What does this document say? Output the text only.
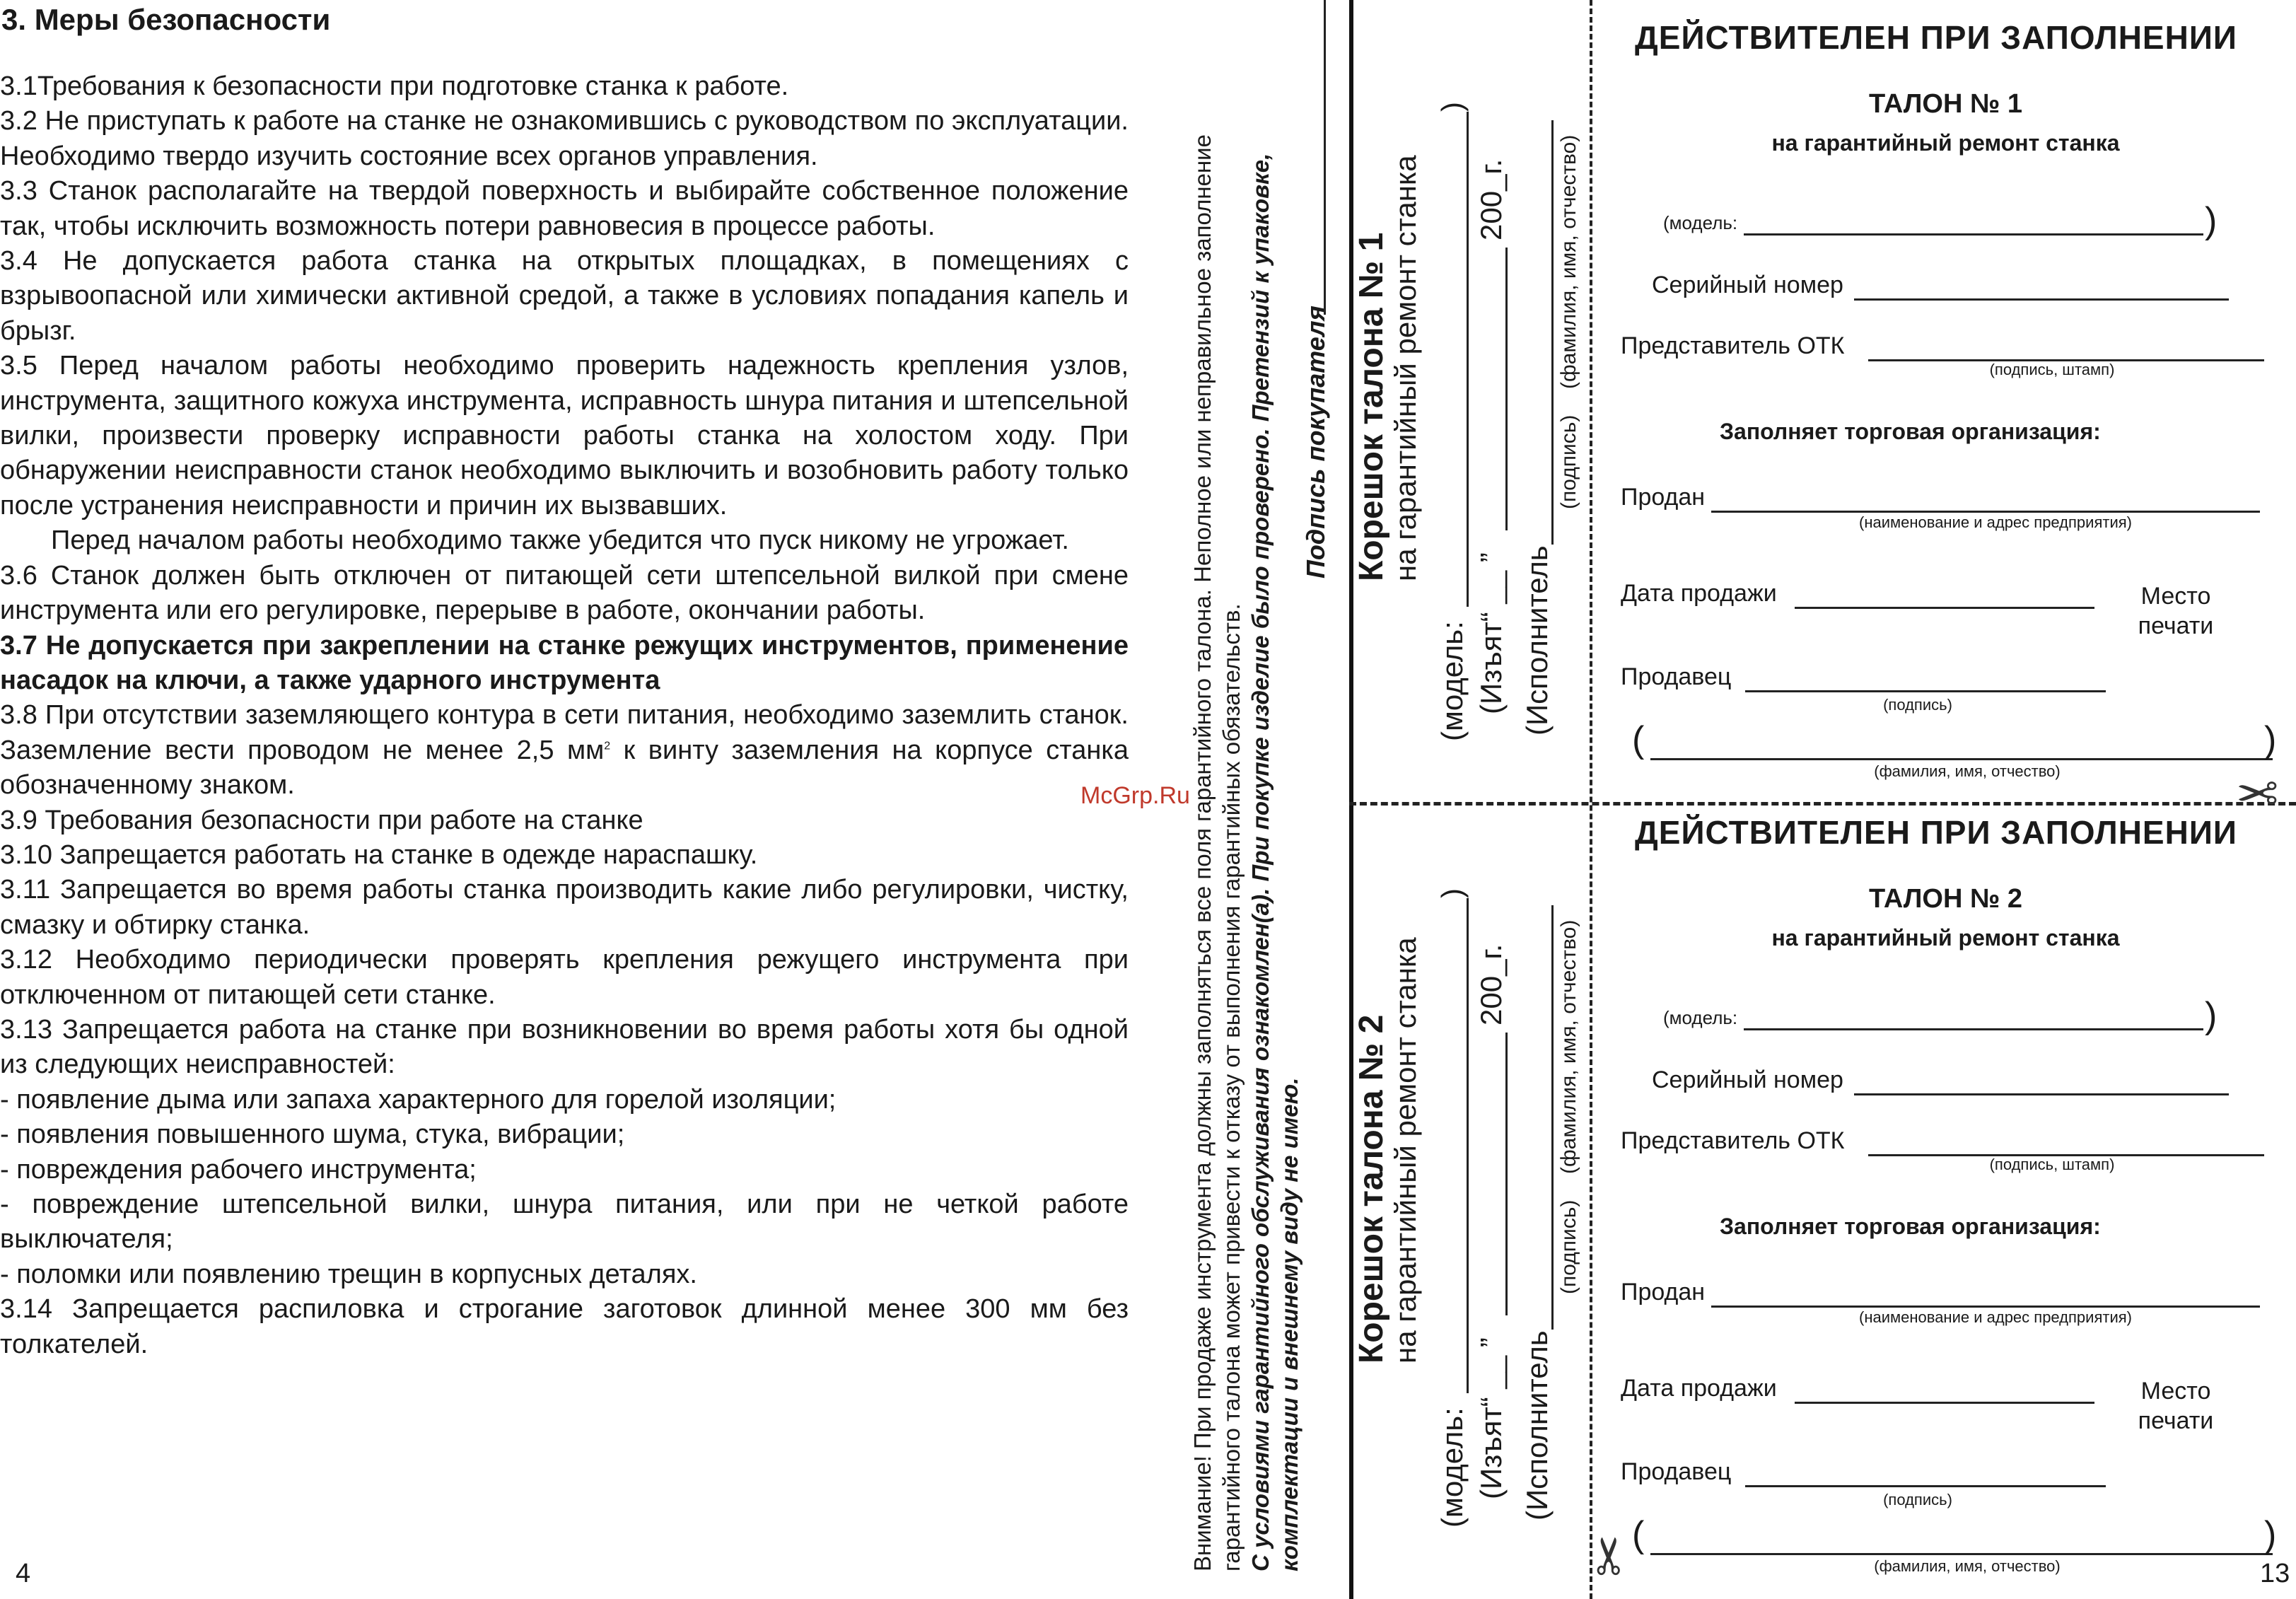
3. Меры безопасности

3.1Требования к безопасности при подготовке станка к работе.

3.2 Не приступать к работе на станке не ознакомившись с руководством по эксплуатации. Необходимо твердо изучить состояние всех органов управления.

3.3 Станок располагайте на твердой поверхность и выбирайте собственное положение так, чтобы исключить возможность потери равновесия в процессе работы.

3.4 Не допускается работа станка на открытых площадках, в помещениях с взрывоопасной или химически активной средой, а также в условиях попадания капель и брызг.

3.5 Перед началом работы необходимо проверить надежность крепления узлов, инструмента, защитного кожуха инструмента, исправность шнура питания и штепсельной вилки, произвести проверку исправности работы станка на холостом ходу. При обнаружении неисправности станок необходимо выключить и возобновить работу только после устранения неисправности и причин их вызвавших.

Перед началом работы необходимо также убедится что пуск никому не угрожает.

3.6 Станок должен быть отключен от питающей сети штепсельной вилкой при смене инструмента или его регулировке, перерыве в работе, окончании работы.

3.7 Не допускается при закреплении на станке режущих инструментов, применение насадок на ключи, а также ударного инструмента

3.8 При отсутствии заземляющего контура в сети питания, необходимо заземлить станок. Заземление вести проводом не менее 2,5 $мм^2$ к винту заземления на корпусе станка обозначенному знаком.

3.9 Требования безопасности при работе на станке

3.10 Запрещается работать на станке в одежде нараспашку.

3.11 Запрещается во время работы станка производить какие либо регулировки, чистку, смазку и обтирку станка.

3.12 Необходимо периодически проверять крепления режущего инструмента при отключенном от питающей сети станке.

3.13 Запрещается работа на станке при возникновении во время работы хотя бы одной из следующих неисправностей:

- появление дыма или запаха характерного для горелой изоляции;

- появления повышенного шума, стука, вибрации;

- повреждения рабочего инструмента;

- повреждение штепсельной вилки, шнура питания, или при не четкой работе выключателя;

- поломки или появлению трещин в корпусных деталях.

3.14 Запрещается распиловка и строгание заготовок длинной менее 300 мм без толкателей.

4
McGrp.Ru Внимание! При продаже инструмента должны заполняться все поля гарантийного талона. Неполное или неправильное заполнение гарантийного талона может привести к отказу от выполнения гарантийных обязательств. С условиями гарантийного обслуживания ознакомлен(а). При покупке изделие было проверено. Претензий к упаковке, комплектации и внешнему виду не имею.
Подпись покупателя Корешок талона № 1
на гарантийный ремонт станка
(модель:
)
(Изъят“ __ ”
200_г.
(Исполнитель
(подпись)
(фамилия, имя, отчество)
Корешок талона № 2
на гарантийный ремонт станка
(модель:
)
(Изъят“ __ ”
200_г.
(Исполнитель
(подпись)
(фамилия, имя, отчество)
ДЕЙСТВИТЕЛЕН ПРИ ЗАПОЛНЕНИИ
ТАЛОН № 1
на гарантийный ремонт станка
(модель:	)
Серийный номер
Представитель ОТК
(подпись, штамп)
Заполняет торговая организация:
Продан
(наименование и адрес предприятия)
Дата продажи	Место печати
Продавец
(подпись)
(	)
(фамилия, имя, отчество)	✂
ДЕЙСТВИТЕЛЕН ПРИ ЗАПОЛНЕНИИ
ТАЛОН № 2
на гарантийный ремонт станка
(модель:	)
Серийный номер
Представитель ОТК
(подпись, штамп)
Заполняет торговая организация:
Продан
(наименование и адрес предприятия)
Дата продажи	Место печати
Продавец
(подпись)
(	)
(фамилия, имя, отчество)
✂	13
